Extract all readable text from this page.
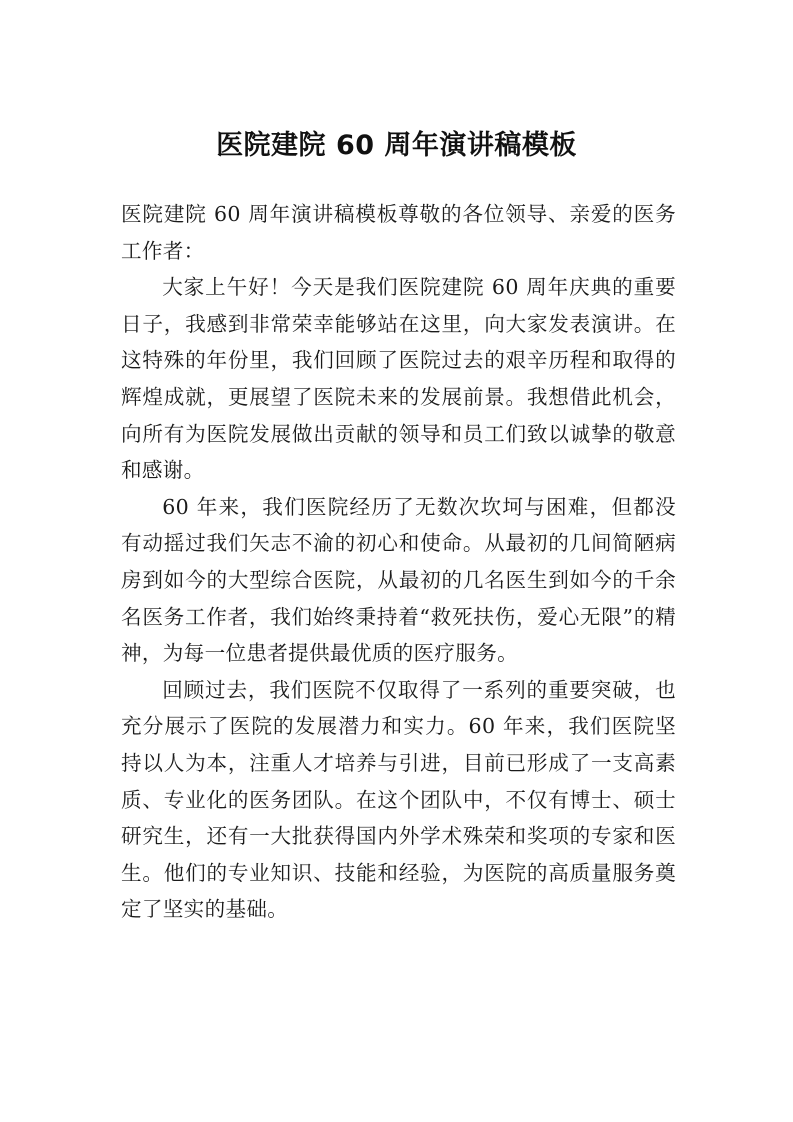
医院建院 60 周年演讲稿模板

医院建院 60 周年演讲稿模板尊敬的各位领导、亲爱的医务工作者：

大家上午好！今天是我们医院建院 60 周年庆典的重要日子，我感到非常荣幸能够站在这里，向大家发表演讲。在这特殊的年份里，我们回顾了医院过去的艰辛历程和取得的辉煌成就，更展望了医院未来的发展前景。我想借此机会，向所有为医院发展做出贡献的领导和员工们致以诚挚的敬意和感谢。

60 年来，我们医院经历了无数次坎坷与困难，但都没有动摇过我们矢志不渝的初心和使命。从最初的几间简陋病房到如今的大型综合医院，从最初的几名医生到如今的千余名医务工作者，我们始终秉持着“救死扶伤，爱心无限”的精神，为每一位患者提供最优质的医疗服务。

回顾过去，我们医院不仅取得了一系列的重要突破，也充分展示了医院的发展潜力和实力。60 年来，我们医院坚持以人为本，注重人才培养与引进，目前已形成了一支高素质、专业化的医务团队。在这个团队中，不仅有博士、硕士研究生，还有一大批获得国内外学术殊荣和奖项的专家和医生。他们的专业知识、技能和经验，为医院的高质量服务奠定了坚实的基础。
